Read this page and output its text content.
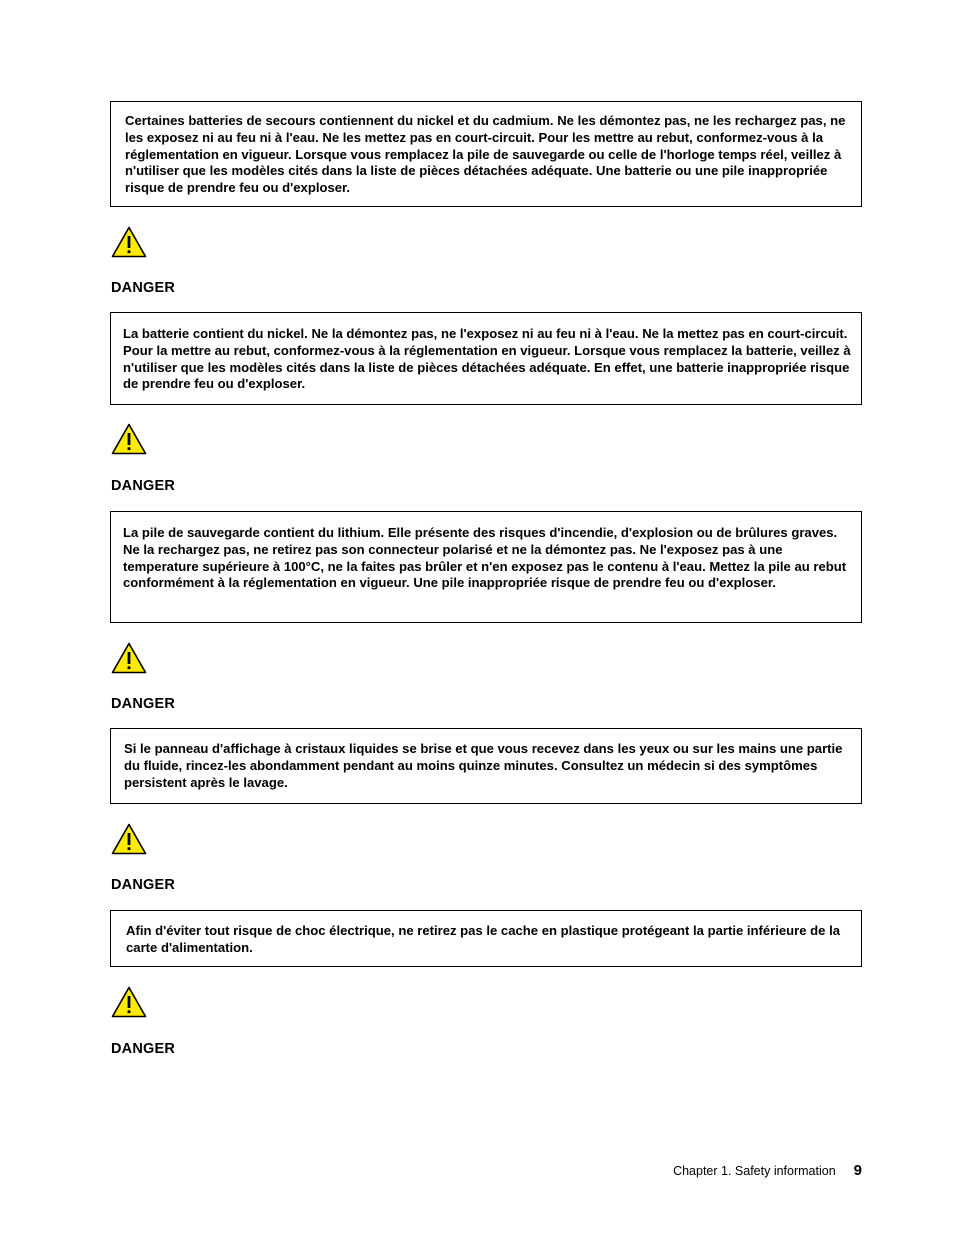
Certaines batteries de secours contiennent du nickel et du cadmium. Ne les démontez pas, ne les rechargez pas, ne les exposez ni au feu ni à l'eau. Ne les mettez pas en court-circuit. Pour les mettre au rebut, conformez-vous à la réglementation en vigueur. Lorsque vous remplacez la pile de sauvegarde ou celle de l'horloge temps réel, veillez à n'utiliser que les modèles cités dans la liste de pièces détachées adéquate. Une batterie ou une pile inappropriée risque de prendre feu ou d'exploser.

DANGER

La batterie contient du nickel. Ne la démontez pas, ne l'exposez ni au feu ni à l'eau. Ne la mettez pas en court-circuit. Pour la mettre au rebut, conformez-vous à la réglementation en vigueur. Lorsque vous remplacez la batterie, veillez à n'utiliser que les modèles cités dans la liste de pièces détachées adéquate. En effet, une batterie inappropriée risque de prendre feu ou d'exploser.

DANGER

La pile de sauvegarde contient du lithium. Elle présente des risques d'incendie, d'explosion ou de brûlures graves. Ne la rechargez pas, ne retirez pas son connecteur polarisé et ne la démontez pas. Ne l'exposez pas à une temperature supérieure à 100°C, ne la faites pas brûler et n'en exposez pas le contenu à l'eau. Mettez la pile au rebut conformément à la réglementation en vigueur. Une pile inappropriée risque de prendre feu ou d'exploser.

DANGER

Si le panneau d'affichage à cristaux liquides se brise et que vous recevez dans les yeux ou sur les mains une partie du fluide, rincez-les abondamment pendant au moins quinze minutes. Consultez un médecin si des symptômes persistent après le lavage.

DANGER

Afin d'éviter tout risque de choc électrique, ne retirez pas le cache en plastique protégeant la partie inférieure de la carte d'alimentation.

DANGER
Chapter 1. Safety information 9
